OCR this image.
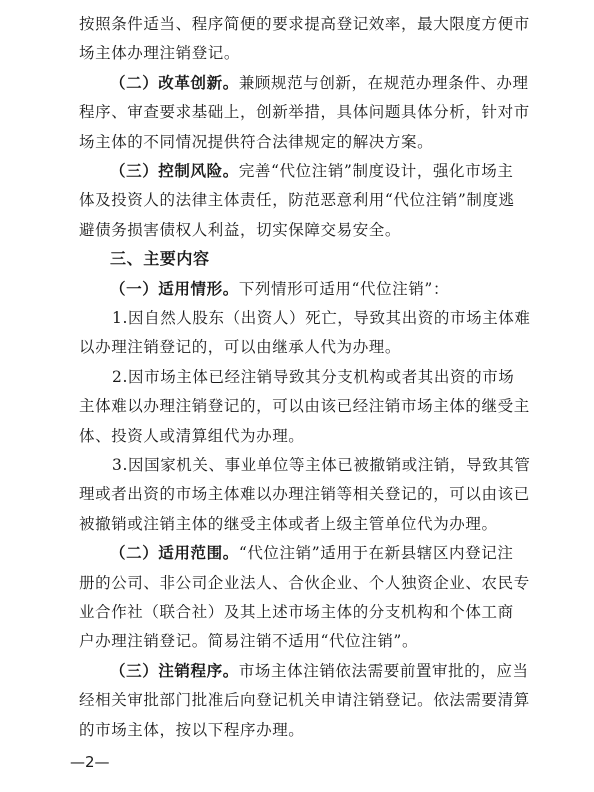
按照条件适当、程序简便的要求提高登记效率，最大限度方便市
场主体办理注销登记。
（二）改革创新。兼顾规范与创新，在规范办理条件、办理
程序、审查要求基础上，创新举措，具体问题具体分析，针对市
场主体的不同情况提供符合法律规定的解决方案。
（三）控制风险。完善“代位注销”制度设计，强化市场主
体及投资人的法律主体责任，防范恶意利用“代位注销”制度逃
避债务损害债权人利益，切实保障交易安全。
三、主要内容
（一）适用情形。下列情形可适用“代位注销”：
1.因自然人股东（出资人）死亡，导致其出资的市场主体难
以办理注销登记的，可以由继承人代为办理。
2.因市场主体已经注销导致其分支机构或者其出资的市场
主体难以办理注销登记的，可以由该已经注销市场主体的继受主
体、投资人或清算组代为办理。
3.因国家机关、事业单位等主体已被撤销或注销，导致其管
理或者出资的市场主体难以办理注销等相关登记的，可以由该已
被撤销或注销主体的继受主体或者上级主管单位代为办理。
（二）适用范围。“代位注销”适用于在新县辖区内登记注
册的公司、非公司企业法人、合伙企业、个人独资企业、农民专
业合作社（联合社）及其上述市场主体的分支机构和个体工商
户办理注销登记。简易注销不适用“代位注销”。
（三）注销程序。市场主体注销依法需要前置审批的，应当
经相关审批部门批准后向登记机关申请注销登记。依法需要清算
的市场主体，按以下程序办理。
—2—
